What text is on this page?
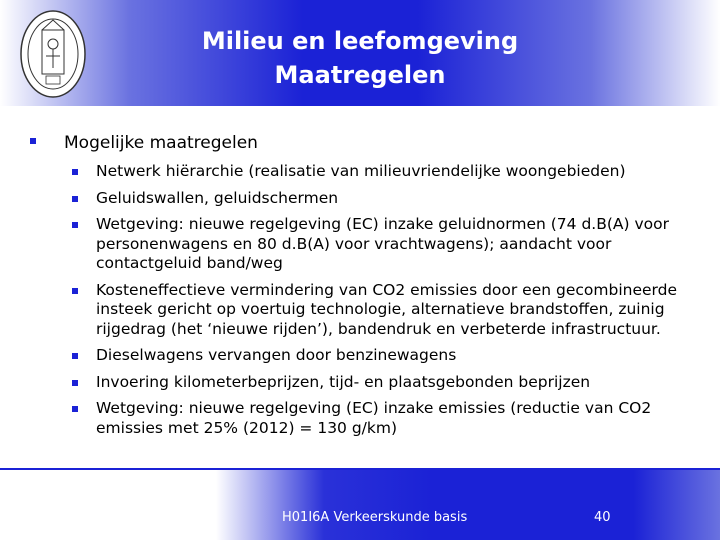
Milieu en leefomgeving
Maatregelen
Mogelijke maatregelen
Netwerk hiërarchie (realisatie van milieuvriendelijke woongebieden)
Geluidswallen, geluidschermen
Wetgeving: nieuwe regelgeving (EC) inzake geluidnormen (74 d.B(A) voor
personenwagens en 80 d.B(A) voor vrachtwagens); aandacht voor
contactgeluid band/weg
Kosteneffectieve vermindering van CO2 emissies door een gecombineerde
insteek gericht op voertuig technologie, alternatieve brandstoffen, zuinig
rijgedrag (het ‘nieuwe rijden’), bandendruk en verbeterde infrastructuur.
Dieselwagens vervangen door benzinewagens
Invoering kilometerbeprijzen, tijd- en plaatsgebonden beprijzen
Wetgeving: nieuwe regelgeving (EC) inzake emissies (reductie van CO2
emissies met 25% (2012) = 130 g/km)
H01I6A Verkeerskunde basis	40
